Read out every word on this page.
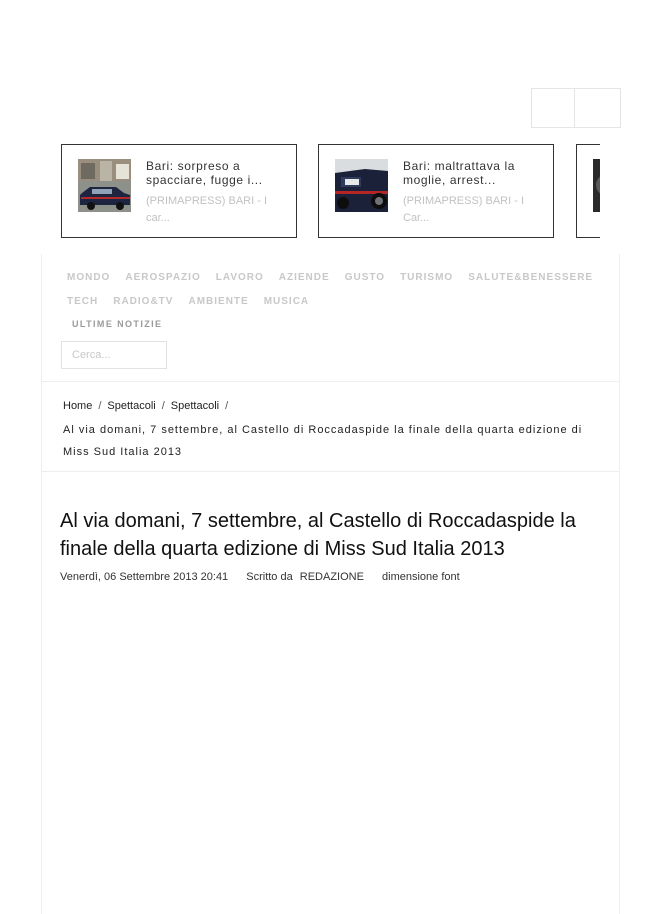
Bari: sorpreso a spacciare, fugge i...
(PRIMAPRESS) BARI - I car...
Bari: maltrattava la moglie, arrest...
(PRIMAPRESS) BARI - I Car...
MONDO AEROSPAZIO LAVORO AZIENDE GUSTO TURISMO SALUTE&BENESSERE
TECH RADIO&TV AMBIENTE MUSICA
ULTIME NOTIZIE
Cerca...
Home / Spettacoli / Spettacoli /
Al via domani, 7 settembre, al Castello di Roccadaspide la finale della quarta edizione di Miss Sud Italia 2013
Al via domani, 7 settembre, al Castello di Roccadaspide la finale della quarta edizione di Miss Sud Italia 2013
Venerdì, 06 Settembre 2013 20:41 Scritto da REDAZIONE dimensione font
